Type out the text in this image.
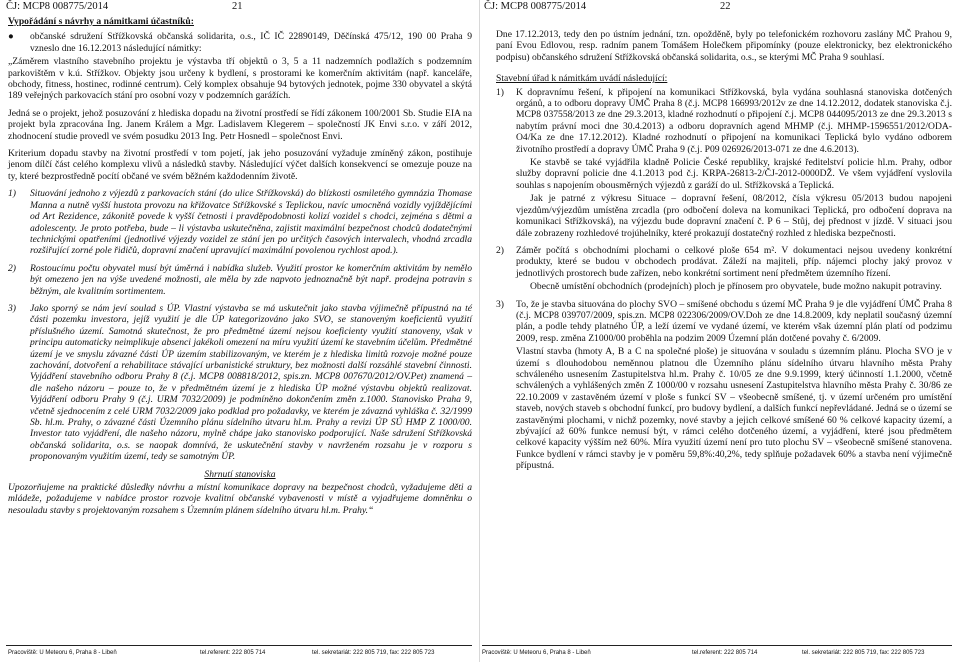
ČJ: MCP8 008775/2014	21

Vypořádání s návrhy a námitkami účastníků:

● občanské sdružení Střížkovská občanská solidarita, o.s., IČ IČ 22890149, Děčínská 475/12, 190 00 Praha 9 vzneslo dne 16.12.2013 následující námitky:

„Záměrem vlastního stavebního projektu je výstavba tří objektů o 3, 5 a 11 nadzemních podlažích s podzemním parkovištěm v k.ú. Střížkov. Objekty jsou určeny k bydlení, s prostorami ke komerčním aktivitám (např. kanceláře, obchody, fitness, hostinec, rodinné centrum). Celý komplex obsahuje 94 bytových jednotek, pojme 330 obyvatel a skýtá 189 veřejných parkovacích stání pro osobní vozy v podzemních garážích.

Jedná se o projekt, jehož posuzování z hlediska dopadu na životní prostředí se řídí zákonem 100/2001 Sb. Studie EIA na projekt byla zpracována Ing. Janem Králem a Mgr. Ladislavem Klegerem – společností JK Envi s.r.o. v září 2012, zhodnocení studie provedl ve svém posudku 2013 Ing. Petr Hosnedl – společnost Envi.

Kriterium dopadu stavby na životní prostředí v tom pojetí, jak jeho posuzování vyžaduje zmíněný zákon, postihuje jenom dílčí část celého komplexu vlivů a následků stavby. Následující výčet dalších konsekvencí se omezuje pouze na ty, které bezprostředně pocítí občané ve svém běžném každodenním životě.

1) Situování jednoho z výjezdů z parkovacích stání (do ulice Střížkovská) do blízkosti osmiletého gymnázia Thomase Manna a nutně vyšší hustota provozu na křižovatce Střížkovské s Teplickou, navíc umocněná vozidly vyjíždějícími od Art Rezidence, zákonitě povede k vyšší četnosti i pravděpodobnosti kolizí vozidel s chodci, zejména s dětmi a adolescenty. Je proto potřeba, bude – li výstavba uskutečněna, zajistit maximální bezpečnost chodců dodatečnými technickými opatřeními (jednotlivé výjezdy vozidel ze stání jen po určitých časových intervalech, vhodná zrcadla rozšiřující zorné pole řidičů, dopravní značení upravující maximální povolenou rychlost apod.).

2) Rostoucímu počtu obyvatel musí být úměrná i nabídka služeb. Využití prostor ke komerčním aktivitám by nemělo být omezeno jen na výše uvedené možnosti, ale měla by zde napvoto jednoznačně být např. prodejna potravin s běžným, ale kvalitním sortimentem.

3) Jako sporný se nám jeví soulad s ÚP. Vlastní výstavba se má uskutečnit jako stavba výjimečně přípustná na té části pozemku investora, jejíž využití je dle ÚP kategorizováno jako SVO, se stanoveným koeficientů využití příslušného území. Samotná skutečnost, že pro předmětné území nejsou koeficienty využití stanoveny, však v principu automaticky neimplikuje absenci jakékoli omezení na míru využití území ke stavebním účelům. Předmětné území je ve smyslu závazné části ÚP územím stabilizovaným, ve kterém je z hlediska limitů rozvoje možné pouze zachování, dotvoření a rehabilitace stávající urbanistické struktury, bez možnosti další rozsáhlé stavební činnosti. Vyjádření stavebního odboru Prahy 8 (č.j. MCP8 008818/2012, spis.zn. MCP8 007670/2012/OV.Pet) znamená – dle našeho názoru – pouze to, že v předmětném území je z hlediska ÚP možné výstavbu objektů realizovat. Vyjádření odboru Prahy 9 (č.j. URM 7032/2009) je podmíněno dokončením změn z.1000. Stanovisko Praha 9, včetně sjednocením z celé URM 7032/2009 jako podklad pro požadavky, ve kterém je závazná vyhláška č. 32/1999 Sb. hl.m. Prahy, o závazné části Územního plánu sídelního útvaru hl.m. Prahy a revizi ÚP SÚ HMP Z 1000/00. Investor tato vyjádření, dle našeho názoru, mylně chápe jako stanovisko podporující. Naše sdružení Střížkovská občanská solidarita, o.s. se naopak domnívá, že uskutečnění stavby v navrženém rozsahu je v rozporu s proponovaným využitím území, tedy se samotným ÚP.

Shrnutí stanoviska

Upozorňujeme na praktické důsledky návrhu a místní komunikace dopravy na bezpečnost chodců, vyžadujeme děti a mládeže, požadujeme v nabídce prostor rozvoje kvalitní občanské vybavenosti v místě a vyjadřujeme domněnku o nesouladu stavby s projektovaným rozsahem s Územním plánem sídelního útvaru hl.m. Prahy.“

Pracoviště: U Meteoru 6, Praha 8 - Libeň	tel.referent: 222 805 714	tel. sekretariát: 222 805 719, fax: 222 805 723
ČJ: MCP8 008775/2014	22

Dne 17.12.2013, tedy den po ústním jednání, tzn. opožděně, byly po telefonickém rozhovoru zaslány MČ Prahou 9, paní Evou Edlovou, resp. radním panem Tomášem Holečkem připomínky (pouze elektronicky, bez elektronického podpisu) občanského sdružení Střížkovská občanská solidarita, o.s., se kterými MČ Praha 9 souhlasí.

Stavební úřad k námitkám uvádí následující:

1) K dopravnímu řešení, k připojení na komunikaci Střížkovská, byla vydána souhlasná stanoviska dotčených orgánů, a to odboru dopravy ÚMČ Praha 8 (č.j. MCP8 166993/2012v ze dne 14.12.2012, dodatek stanoviska č.j. MCP8 037558/2013 ze dne 29.3.2013, kladné rozhodnutí o připojení č.j. MCP8 044095/2013 ze dne 29.3.2013 s nabytím právní moci dne 30.4.2013) a odboru dopravních agend MHMP (č.j. MHMP-1596551/2012/ODA-O4/Ka ze dne 17.12.2012). Kladné rozhodnutí o připojení na komunikaci Teplická bylo vydáno odborem životního prostředí a dopravy ÚMČ Praha 9 (č.j. P09 026926/2013-071 ze dne 4.6.2013).

Ke stavbě se také vyjádřila kladně Policie České republiky, krajské ředitelství policie hl.m. Prahy, odbor služby dopravní policie dne 4.1.2013 pod č.j. KRPA-26813-2/ČJ-2012-0000DŽ. Ve všem vyjádření vyslovila souhlas s napojením obousměrných výjezdů z garáží do ul. Střížkovská a Teplická.

Jak je patrné z výkresu Situace – dopravní řešení, 08/2012, čísla výkresu 05/2013 budou napojeni vjezdům/výjezdům umístěna zrcadla (pro odbočení doleva na komunikaci Teplická, pro odbočení doprava na komunikaci Střížkovská), na výjezdu bude dopravní značení č. P 6 – Stůj, dej přednost v jízdě. V situaci jsou dále zobrazeny rozhledové trojúhelníky, které prokazují dostatečný rozhled z hlediska bezpečnosti.

2) Záměr počítá s obchodními plochami o celkové ploše 654 m². V dokumentaci nejsou uvedeny konkrétní produkty, které se budou v obchodech prodávat. Záleží na majiteli, příp. nájemci plochy jaký provoz v jednotlivých prostorech bude zařízen, nebo konkrétní sortiment není předmětem územního řízení.

Obecně umístění obchodních (prodejních) ploch je přínosem pro obyvatele, bude možno nakupit potraviny.

3) To, že je stavba situována do plochy SVO – smíšené obchodu s území MČ Praha 9 je dle vyjádření ÚMČ Praha 8 (č.j. MCP8 039707/2009, spis.zn. MCP8 022306/2009/OV.Doh ze dne 14.8.2009, kdy neplatil současný územní plán, a podle tehdy platného ÚP, a leží území ve vydané území, ve kterém však územní plán platí od podzimu 2009, resp. změna Z1000/00 proběhla na podzim 2009 Územní plán dotčené povahy č. 6/2009.

Vlastní stavba (hmoty A, B a C na společné ploše) je situována v souladu s územním plánu. Plocha SVO je v území s dlouhodobou neměnnou platnou dle Územního plánu sídelního útvaru hlavního města Prahy schváleného usnesením Zastupitelstva hl.m. Prahy č. 10/05 ze dne 9.9.1999, který účinností 1.1.2000, včetně schválených a vyhlášených změn Z 1000/00 v rozsahu usnesení Zastupitelstva hlavního města Prahy č. 30/86 ze 22.10.2009 v zastavěném území v ploše s funkcí SV – všeobecně smíšené, tj. v území určeném pro umístění staveb, nových staveb s obchodní funkcí, pro budovy bydlení, a dalších funkcí nepřevládané. Jedná se o území se zastavěnými plochami, v nichž pozemky, nové stavby a jejich celkové smíšené 60 % celkové kapacity území, a zbývající až 60% funkce nemusí být, v rámci celého dotčeného území, a vyjádření, které jsou předmětem celkové kapacity výšším než 60%. Míra využití území není pro tuto plochu SV – všeobecně smíšené stanovena. Funkce bydlení v rámci stavby je v poměru 59,8%:40,2%, tedy splňuje požadavek 60% a stavba není výjimečně přípustná.

Pracoviště: U Meteoru 6, Praha 8 - Libeň	tel.referent: 222 805 714	tel. sekretariát: 222 805 719, fax: 222 805 723
